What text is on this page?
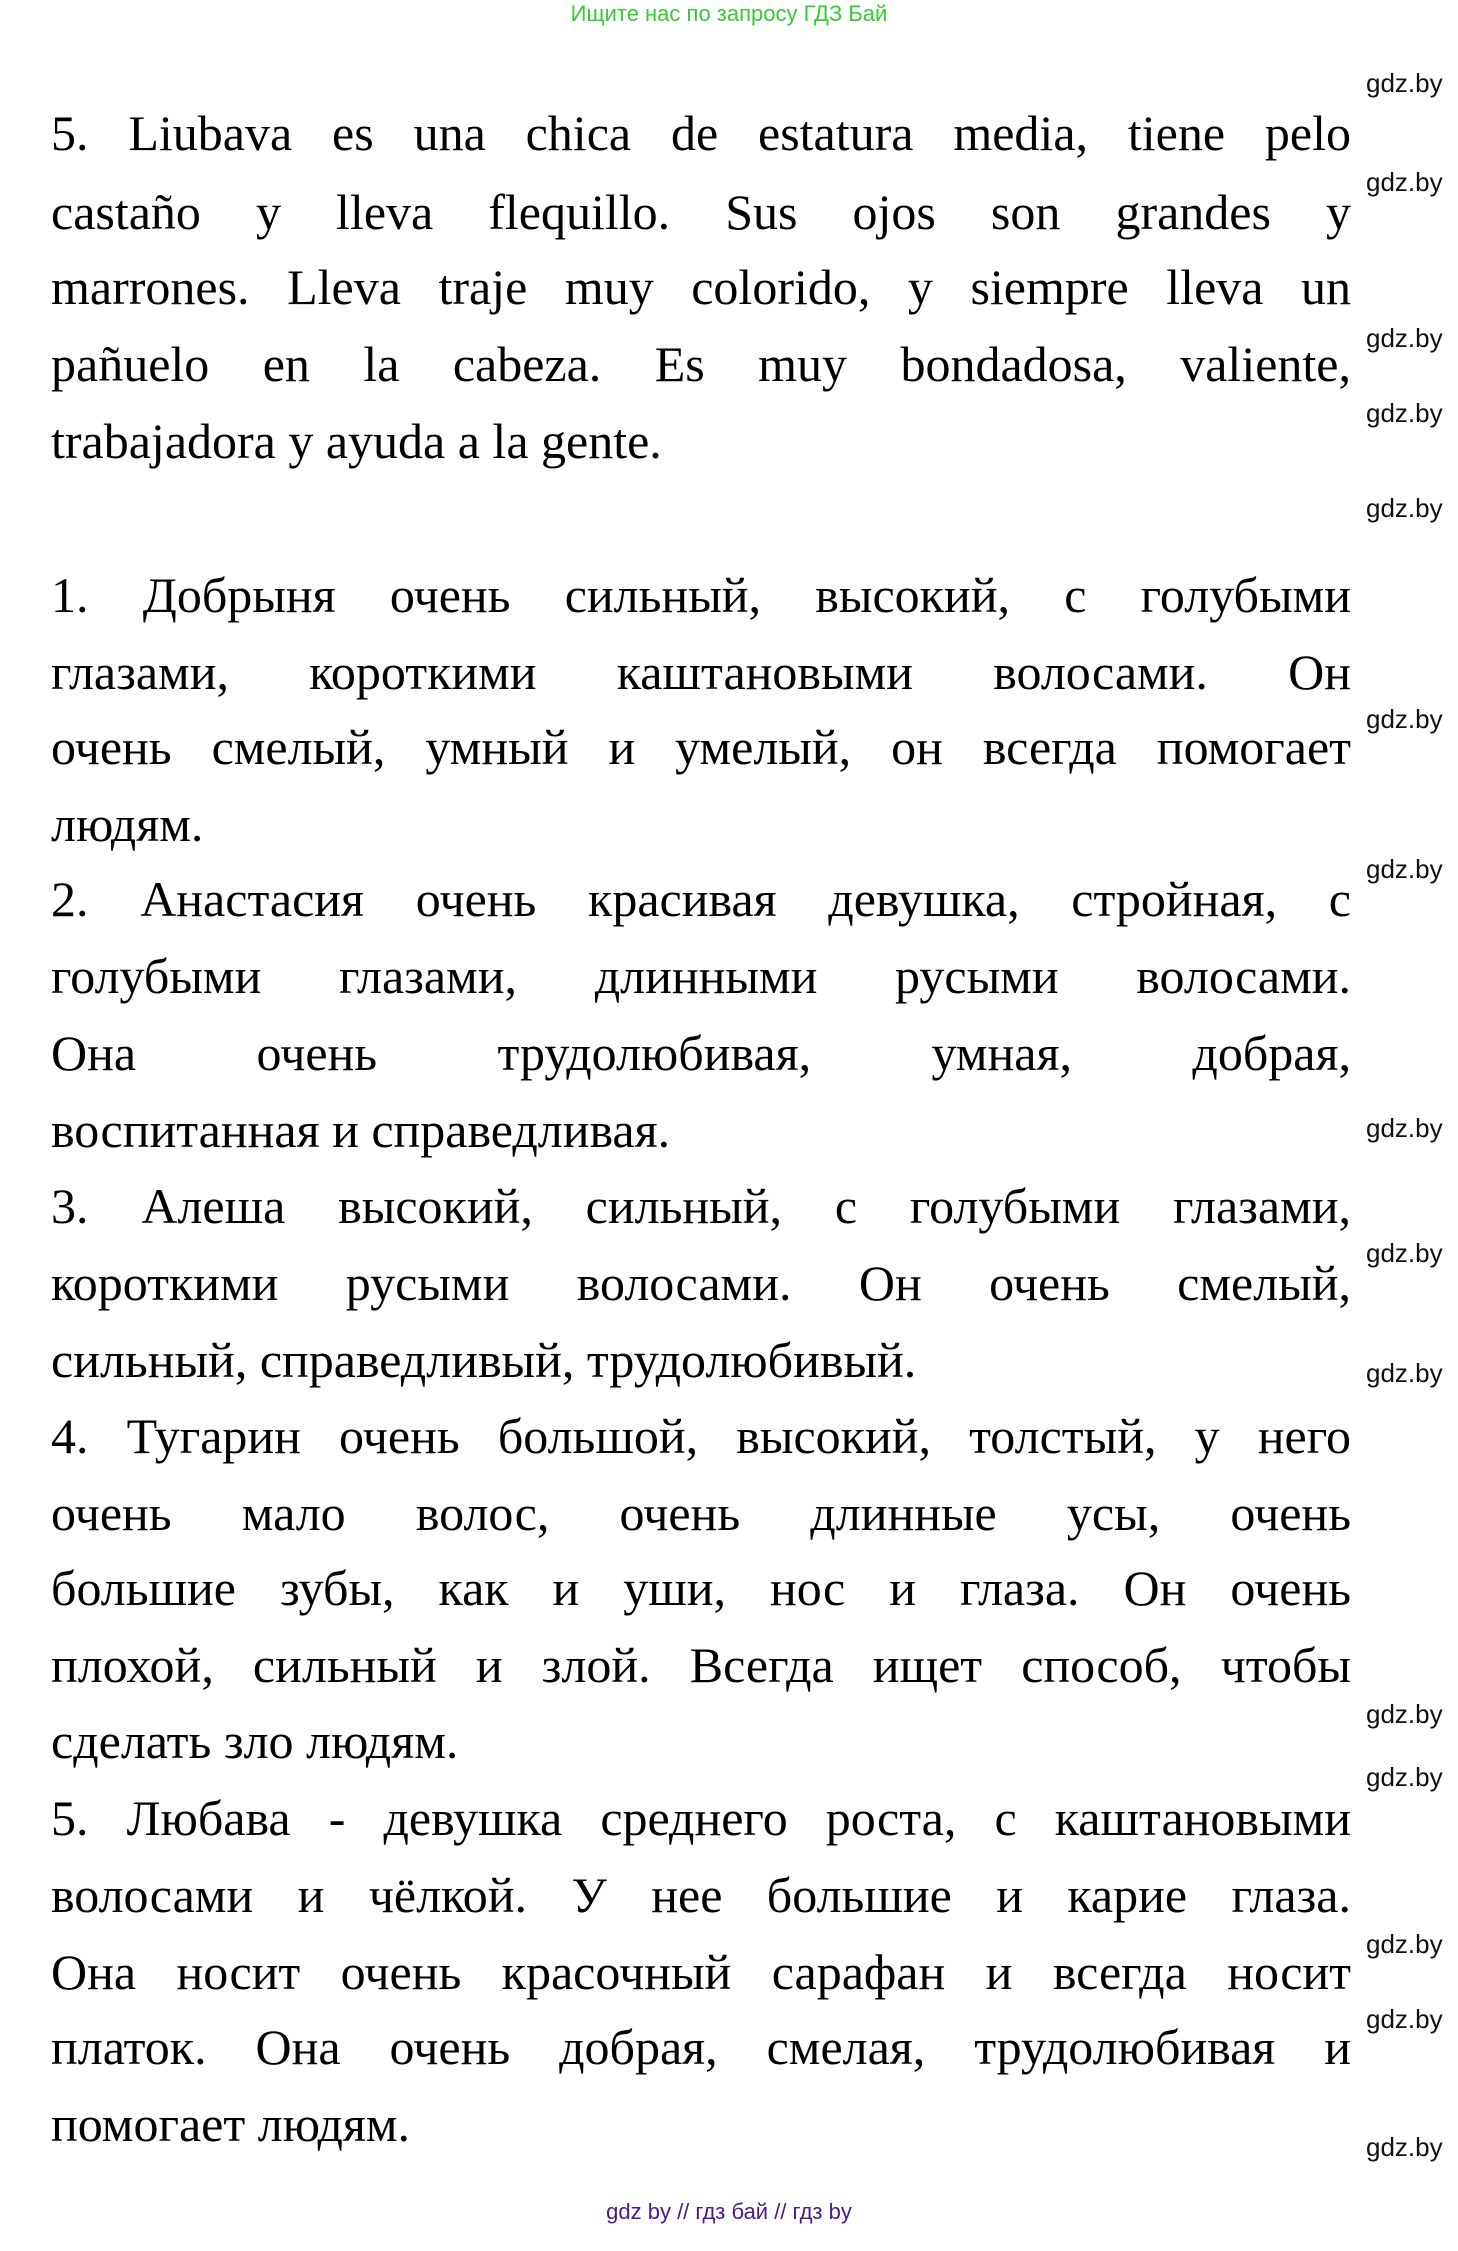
Ищите нас по запросу ГДЗ Бай
5. Liubava es una chica de estatura media, tiene pelo
castaño y lleva flequillo. Sus ojos son grandes y
marrones. Lleva traje muy colorido, y siempre lleva un
pañuelo en la cabeza. Es muy bondadosa, valiente,
trabajadora y ayuda a la gente.
1. Добрыня очень сильный, высокий, с голубыми
глазами, короткими каштановыми волосами. Он
очень смелый, умный и умелый, он всегда помогает
людям.
2. Анастасия очень красивая девушка, стройная, с
голубыми глазами, длинными русыми волосами.
Она очень трудолюбивая, умная, добрая,
воспитанная и справедливая.
3. Алеша высокий, сильный, с голубыми глазами,
короткими русыми волосами. Он очень смелый,
сильный, справедливый, трудолюбивый.
4. Тугарин очень большой, высокий, толстый, у него
очень мало волос, очень длинные усы, очень
большие зубы, как и уши, нос и глаза. Он очень
плохой, сильный и злой. Всегда ищет способ, чтобы
сделать зло людям.
5. Любава - девушка среднего роста, с каштановыми
волосами и чёлкой. У нее большие и карие глаза.
Она носит очень красочный сарафан и всегда носит
платок. Она очень добрая, смелая, трудолюбивая и
помогает людям.
gdz.by
gdz.by
gdz.by
gdz.by
gdz.by
gdz.by
gdz.by
gdz.by
gdz.by
gdz.by
gdz.by
gdz.by
gdz.by
gdz.by
gdz.by
gdz by // гдз бай // гдз by
